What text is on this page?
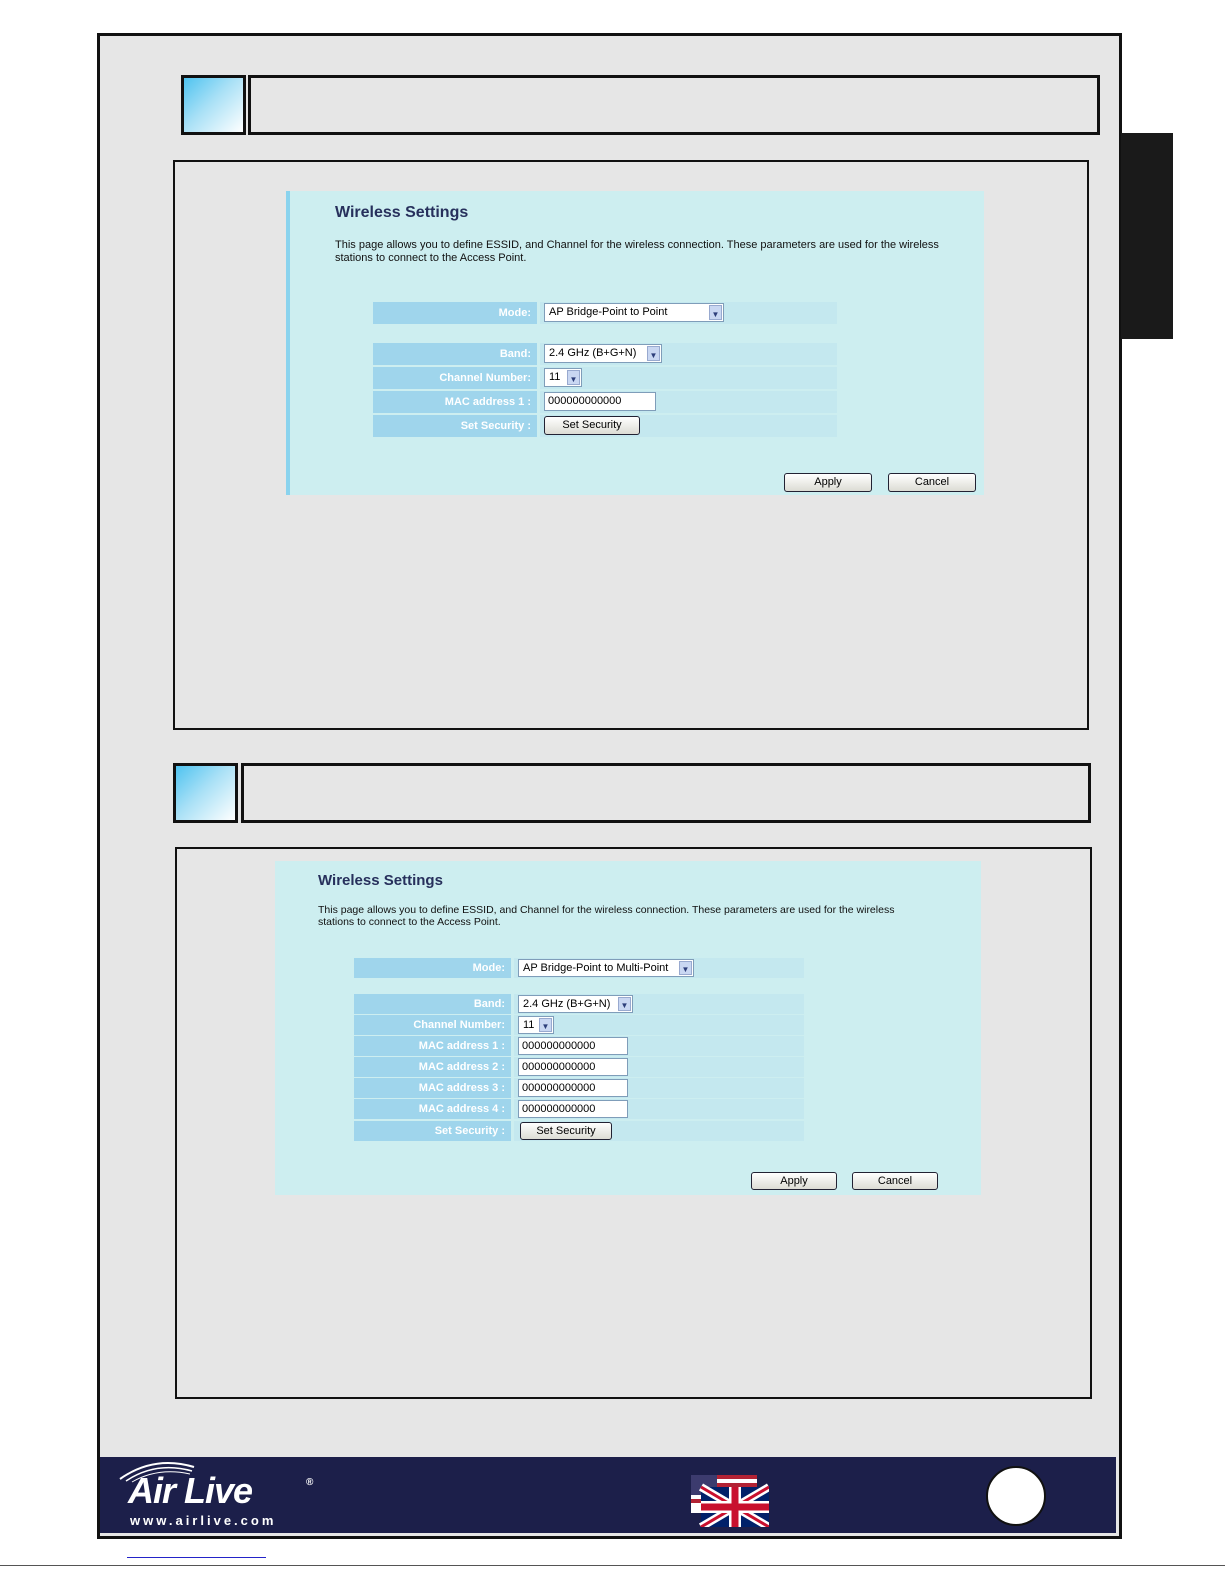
Wireless Settings
This page allows you to define ESSID, and Channel for the wireless connection. These parameters are used for the wireless
stations to connect to the Access Point.
Mode:	AP Bridge-Point to Point	▼
Band:	2.4 GHz (B+G+N)	▼
Channel Number:	11	▼
MAC address 1 :	000000000000
Set Security :	Set Security
Apply	Cancel
Wireless Settings
This page allows you to define ESSID, and Channel for the wireless connection. These parameters are used for the wireless
stations to connect to the Access Point.
Mode:	AP Bridge-Point to Multi-Point	▼
Band:	2.4 GHz (B+G+N)	▼
Channel Number:	11 ▼
MAC address 1 :	000000000000
MAC address 2 :	000000000000
MAC address 3 :	000000000000
MAC address 4 :	000000000000
Set Security :	Set Security
Apply	Cancel
Air Live	®
www.airlive.com
